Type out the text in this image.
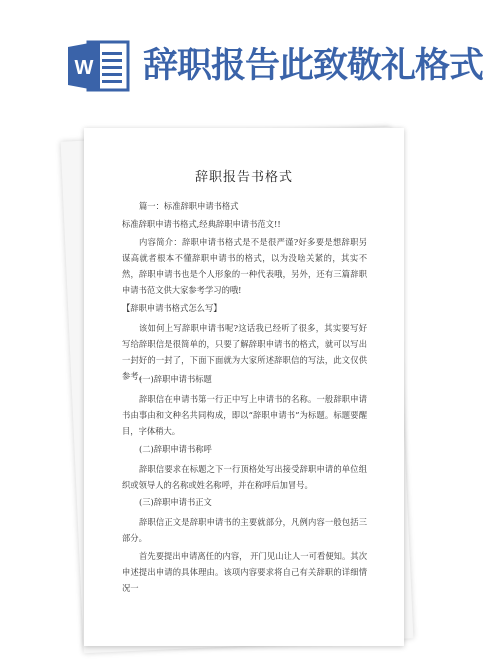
W 辞职报告此致敬礼格式
辞职报告书格式
篇一：标准辞职申请书格式
标准辞职申请书格式,经典辞职申请书范文!!
内容简介：辞职申请书格式是不是很严谨?好多要是想辞职另谋高就者根本不懂辞职申请书的格式，以为没啥关紧的，其实不然，辞职申请书也是个人形象的一种代表哦，另外，还有三篇辞职申请书范文供大家参考学习的哦!
【辞职申请书格式怎么写】
该如何上写辞职申请书呢?这话我已经听了很多，其实要写好写给辞职信是很简单的，只要了解辞职申请书的格式，就可以写出一封好的一封了，下面下面就为大家所述辞职信的写法，此文仅供参考。
(一)辞职申请书标题
辞职信在申请书第一行正中写上申请书的名称。一般辞职申请书由事由和文种名共同构成，即以“辞职申请书”为标题。标题要醒目，字体稍大。
(二)辞职申请书称呼
辞职信要求在标题之下一行顶格处写出接受辞职申请的单位组织或领导人的名称或姓名称呼，并在称呼后加冒号。
(三)辞职申请书正文
辞职信正文是辞职申请书的主要就部分，凡例内容一般包括三部分。
首先要提出申请离任的内容， 开门见山让人一可看便知。其次申述提出申请的具体理由。该项内容要求将自己有关辞职的详细情况一
